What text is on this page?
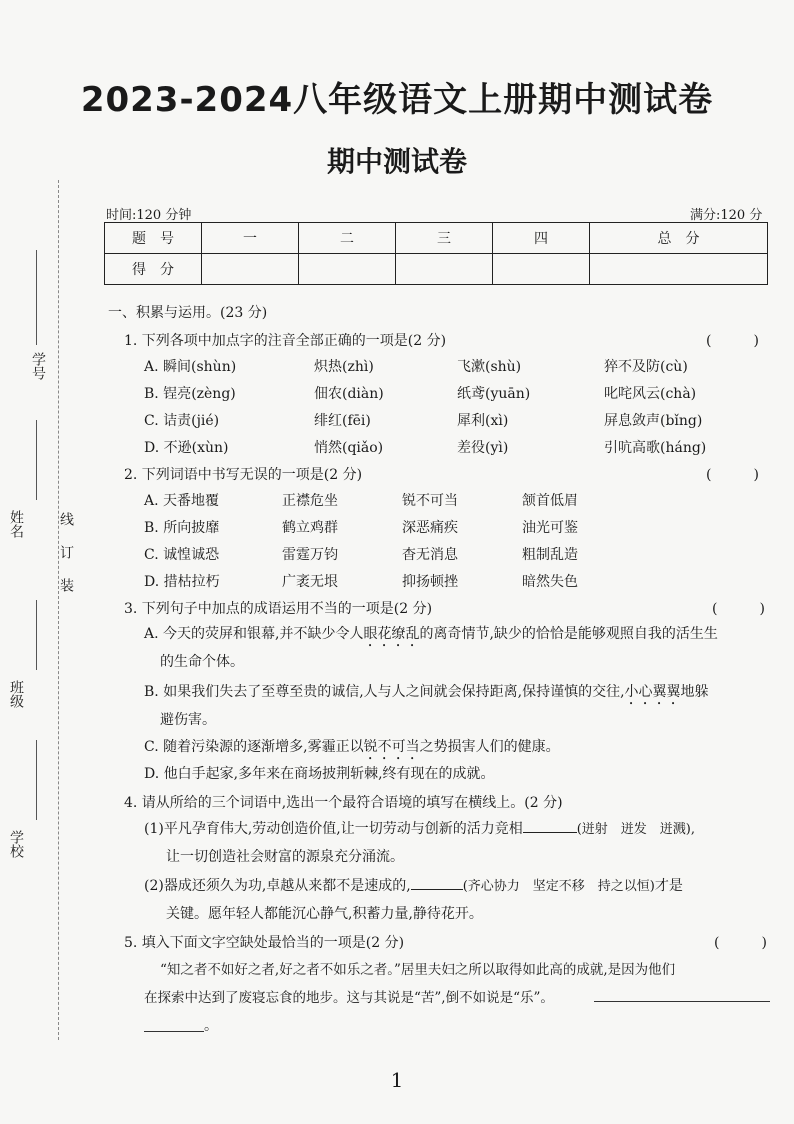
学号
姓名 线
订
装
班级
学校
2023-2024八年级语文上册期中测试卷
期中测试卷
时间:120 分钟	满分:120 分
题　号	一	二	三	四	总　分
得　分					
一、积累与运用。(23 分)
1. 下列各项中加点字的注音全部正确的一项是(2 分)	(　　　)
A. 瞬间(shùn)	炽热(zhì)	飞漱(shù)	猝不及防(cù)
B. 锃亮(zèng)	佃农(diàn)	纸鸢(yuān)	叱咤风云(chà)
C. 诘责(jié)	绯红(fēi)	犀利(xì)	屏息敛声(bǐng)
D. 不逊(xùn)	悄然(qiǎo)	差役(yì)	引吭高歌(háng)
2. 下列词语中书写无误的一项是(2 分)	(　　　)
A. 天番地覆	正襟危坐	锐不可当	颔首低眉
B. 所向披靡	鹤立鸡群	深恶痛疾	油光可鉴
C. 诚惶诚恐	雷霆万钧	杳无消息	粗制乱造
D. 措枯拉朽	广袤无垠	抑扬顿挫	暗然失色
3. 下列句子中加点的成语运用不当的一项是(2 分)	(　　　)
A. 今天的荧屏和银幕,并不缺少令人眼花缭乱的离奇情节,缺少的恰恰是能够观照自我的活生生
的生命个体。
B. 如果我们失去了至尊至贵的诚信,人与人之间就会保持距离,保持谨慎的交往,小心翼翼地躲
避伤害。
C. 随着污染源的逐渐增多,雾霾正以锐不可当之势损害人们的健康。
D. 他白手起家,多年来在商场披荆斩棘,终有现在的成就。
4. 请从所给的三个词语中,选出一个最符合语境的填写在横线上。(2 分)
(1)平凡孕育伟大,劳动创造价值,让一切劳动与创新的活力竞相	(迸射　迸发　迸溅),
让一切创造社会财富的源泉充分涌流。
(2)器成还须久为功,卓越从来都不是速成的,	(齐心协力　坚定不移　持之以恒)才是
关键。愿年轻人都能沉心静气,积蓄力量,静待花开。
5. 填入下面文字空缺处最恰当的一项是(2 分)	(　　　)
“知之者不如好之者,好之者不如乐之者。”居里夫妇之所以取得如此高的成就,是因为他们
在探索中达到了废寝忘食的地步。这与其说是“苦”,倒不如说是“乐”。
。
1
